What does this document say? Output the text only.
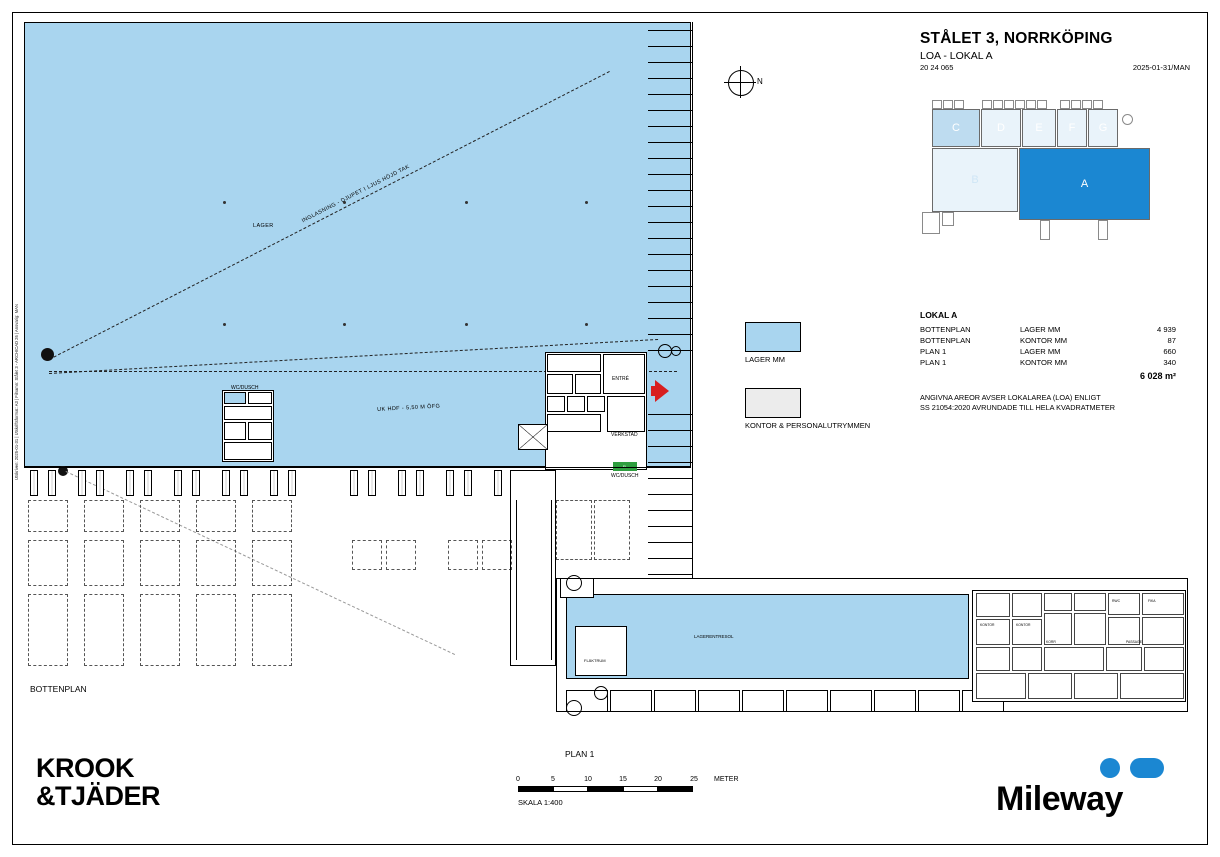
Utskriven: 2025-01-31 | Utskriftsformat: A3 | Filnamn: Stålet 3 - ARCHICAD 26 | Ansvarig: MAN
LAGER
INGLASNING - DJUPET I LJUS HÖJD TAK
UK HDF - 5,50 M ÖFG
WC/DUSCH
ENTRÉ
VERKSTAD
EL
WC/DUSCH
BOTTENPLAN
LAGERENTRESOL
FLÄKTRUM
KORR	PASSAGE
KONTOR	KONTOR
RWC	FIKA
PLAN 1
N
LAGER MM
KONTOR & PERSONALUTRYMMEN
STÅLET 3, NORRKÖPING
LOA - LOKAL A
20 24 065	2025-01-31/MAN
C	D	E	F	G
B	A
LOKAL A
BOTTENPLAN	LAGER MM	4 939
BOTTENPLAN	KONTOR MM	87
PLAN 1	LAGER MM	660
PLAN 1	KONTOR MM	340
6 028 m²
ANGIVNA AREOR AVSER LOKALAREA (LOA) ENLIGT
SS 21054:2020 AVRUNDADE TILL HELA KVADRATMETER
0	5	10	15	20	25 METER
SKALA 1:400
KROOK
&TJÄDER	Mileway
